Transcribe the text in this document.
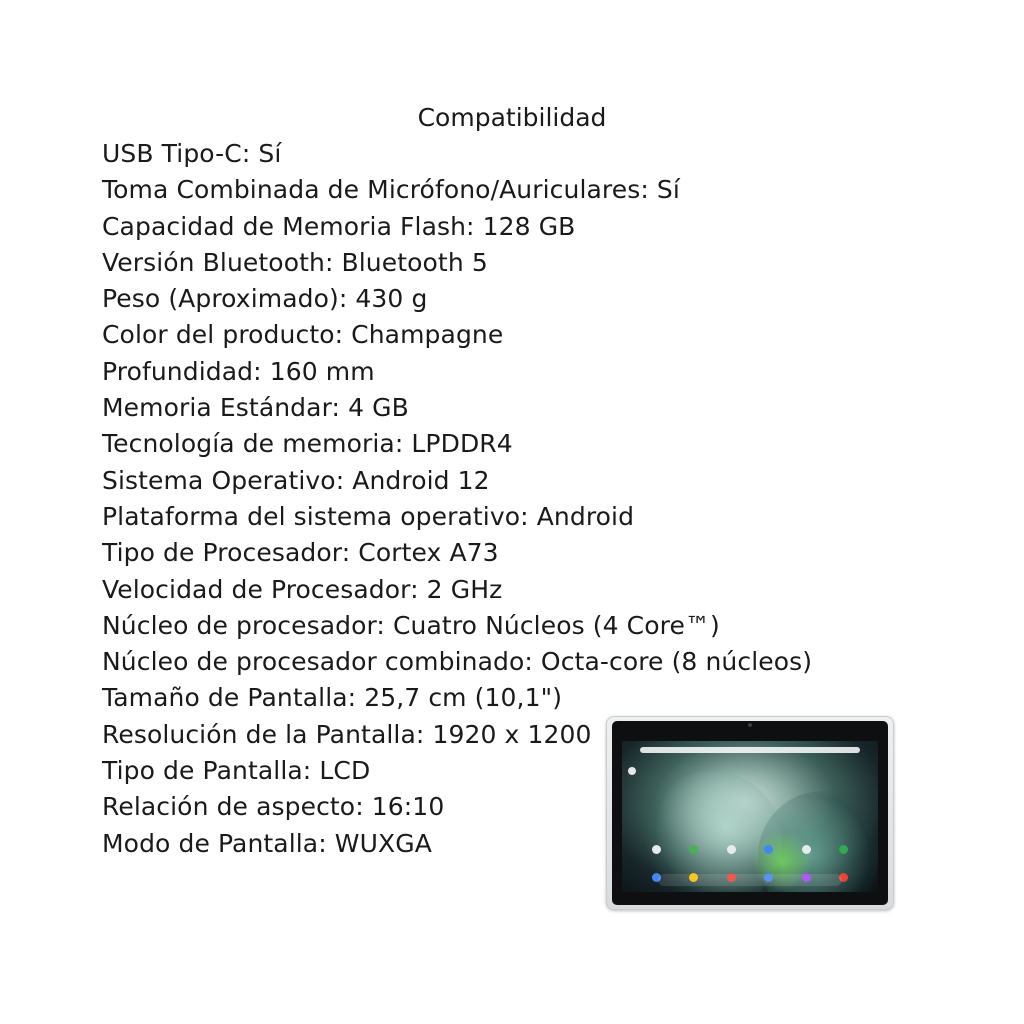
Compatibilidad
USB Tipo-C: Sí
Toma Combinada de Micrófono/Auriculares: Sí
Capacidad de Memoria Flash: 128 GB
Versión Bluetooth: Bluetooth 5
Peso (Aproximado): 430 g
Color del producto: Champagne
Profundidad: 160 mm
Memoria Estándar: 4 GB
Tecnología de memoria: LPDDR4
Sistema Operativo: Android 12
Plataforma del sistema operativo: Android
Tipo de Procesador: Cortex A73
Velocidad de Procesador: 2 GHz
Núcleo de procesador: Cuatro Núcleos (4 Core™)
Núcleo de procesador combinado: Octa-core (8 núcleos)
Tamaño de Pantalla: 25,7 cm (10,1")
Resolución de la Pantalla: 1920 x 1200
Tipo de Pantalla: LCD
Relación de aspecto: 16:10
Modo de Pantalla: WUXGA
